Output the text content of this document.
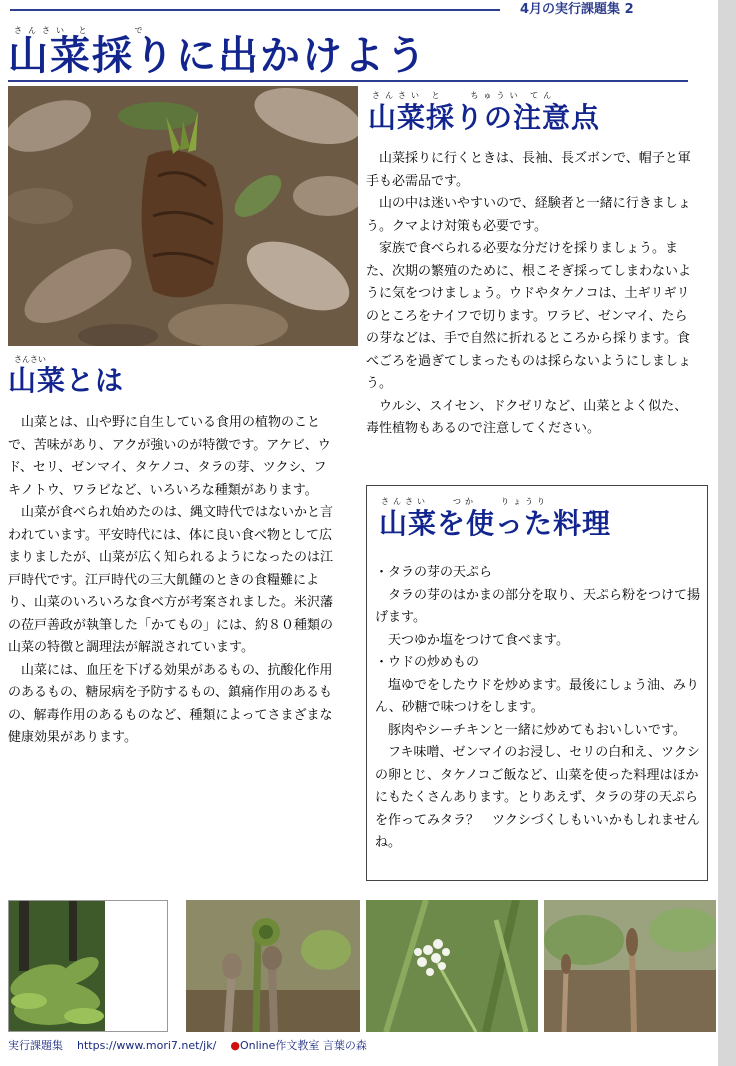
4月の実行課題集 2
さんさい と　　　で
山菜採りに出かけよう
さんさい と　　ちゅうい てん
山菜採りの注意点

山菜採りに行くときは、長袖、長ズボンで、帽子と軍手も必需品です。

山の中は迷いやすいので、経験者と一緒に行きましょう。クマよけ対策も必要です。

家族で食べられる必要な分だけを採りましょう。また、次期の繁殖のために、根こそぎ採ってしまわないように気をつけましょう。ウドやタケノコは、土ギリギリのところをナイフで切ります。ワラビ、ゼンマイ、たらの芽などは、手で自然に折れるところから採ります。食べごろを過ぎてしまったものは採らないようにしましょう。

ウルシ、スイセン、ドクゼリなど、山菜とよく似た、毒性植物もあるので注意してください。

さんさい
山菜とは

山菜とは、山や野に自生している食用の植物のことで、苦味があり、アクが強いのが特徴です。アケビ、ウド、セリ、ゼンマイ、タケノコ、タラの芽、ツクシ、フキノトウ、ワラビなど、いろいろな種類があります。

山菜が食べられ始めたのは、縄文時代ではないかと言われています。平安時代には、体に良い食べ物として広まりましたが、山菜が広く知られるようになったのは江戸時代です。江戸時代の三大飢饉のときの食糧難により、山菜のいろいろな食べ方が考案されました。米沢藩の莅戸善政が執筆した「かてもの」には、約８０種類の山菜の特徴と調理法が解説されています。

山菜には、血圧を下げる効果があるもの、抗酸化作用のあるもの、糖尿病を予防するもの、鎮痛作用のあるもの、解毒作用のあるものなど、種類によってさまざまな健康効果があります。

さんさい　　つか　　りょうり
山菜を使った料理

・タラの芽の天ぷら

　タラの芽のはかまの部分を取り、天ぷら粉をつけて揚げます。

　天つゆか塩をつけて食べます。

・ウドの炒めもの

　塩ゆでをしたウドを炒めます。最後にしょう油、みりん、砂糖で味つけをします。

　豚肉やシーチキンと一緒に炒めてもおいしいです。

　フキ味噌、ゼンマイのお浸し、セリの白和え、ツクシの卵とじ、タケノコご飯など、山菜を使った料理はほかにもたくさんあります。とりあえず、タラの芽の天ぷらを作ってみタラ？　ツクシづくしもいいかもしれませんね。

実行課題集 https://www.mori7.net/jk/ ●Online作文教室 言葉の森
